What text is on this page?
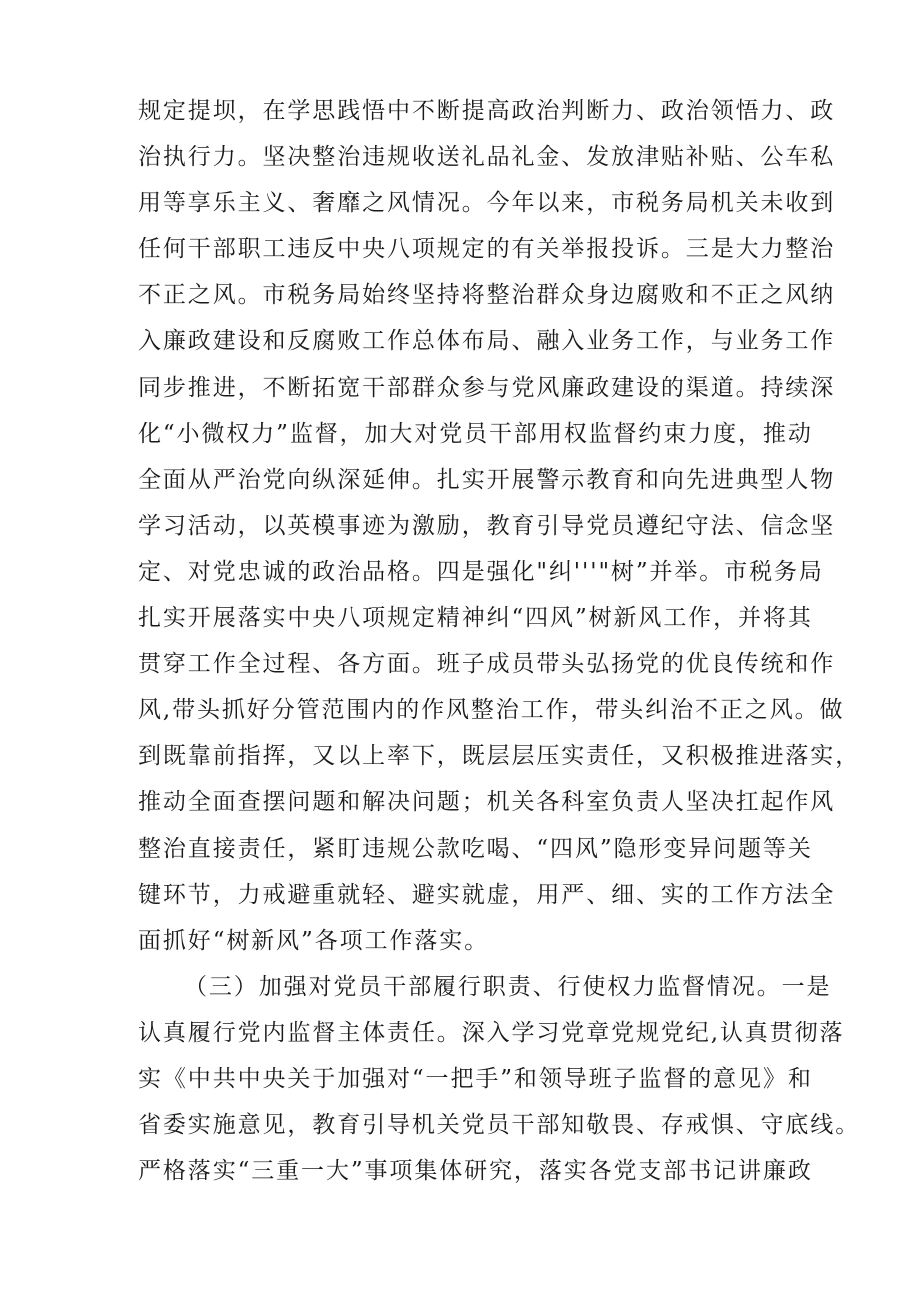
规定提坝，在学思践悟中不断提高政治判断力、政治领悟力、政
治执行力。坚决整治违规收送礼品礼金、发放津贴补贴、公车私
用等享乐主义、奢靡之风情况。今年以来，市税务局机关未收到
任何干部职工违反中央八项规定的有关举报投诉。三是大力整治
不正之风。市税务局始终坚持将整治群众身边腐败和不正之风纳
入廉政建设和反腐败工作总体布局、融入业务工作，与业务工作
同步推进，不断拓宽干部群众参与党风廉政建设的渠道。持续深
化“小微权力”监督，加大对党员干部用权监督约束力度，推动
全面从严治党向纵深延伸。扎实开展警示教育和向先进典型人物
学习活动，以英模事迹为激励，教育引导党员遵纪守法、信念坚
定、对党忠诚的政治品格。四是强化"纠'''"树”并举。市税务局
扎实开展落实中央八项规定精神纠“四风”树新风工作，并将其
贯穿工作全过程、各方面。班子成员带头弘扬党的优良传统和作
风,带头抓好分管范围内的作风整治工作，带头纠治不正之风。做
到既靠前指挥，又以上率下，既层层压实责任，又积极推进落实，
推动全面查摆问题和解决问题；机关各科室负责人坚决扛起作风
整治直接责任，紧盯违规公款吃喝、“四风”隐形变异问题等关
键环节，力戒避重就轻、避实就虚，用严、细、实的工作方法全
面抓好“树新风”各项工作落实。
（三）加强对党员干部履行职责、行使权力监督情况。一是
认真履行党内监督主体责任。深入学习党章党规党纪,认真贯彻落
实《中共中央关于加强对“一把手”和领导班子监督的意见》和
省委实施意见，教育引导机关党员干部知敬畏、存戒惧、守底线。
严格落实“三重一大”事项集体研究，落实各党支部书记讲廉政
